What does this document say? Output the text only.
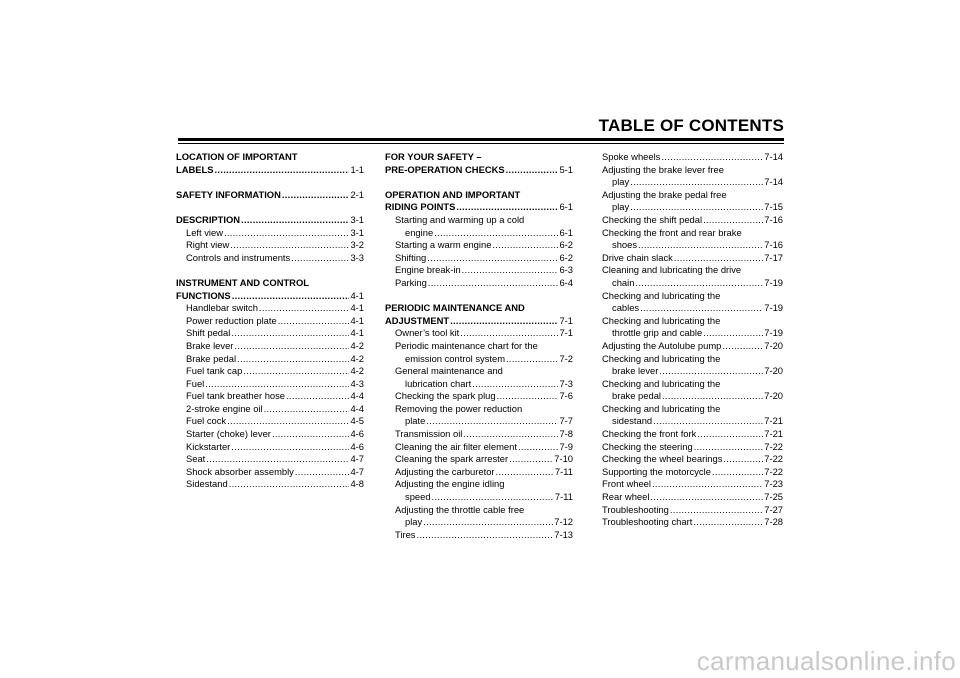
TABLE OF CONTENTS
LOCATION OF IMPORTANT
LABELS .....	1-1
SAFETY INFORMATION .....	2-1
DESCRIPTION .....	3-1
Left view .....	3-1
Right view .....	3-2
Controls and instruments .....	3-3
INSTRUMENT AND CONTROL
FUNCTIONS .....	4-1
Handlebar switch .....	4-1
Power reduction plate .....	4-1
Shift pedal .....	4-1
Brake lever .....	4-2
Brake pedal .....	4-2
Fuel tank cap .....	4-2
Fuel .....	4-3
Fuel tank breather hose .....	4-4
2-stroke engine oil .....	4-4
Fuel cock .....	4-5
Starter (choke) lever .....	4-6
Kickstarter .....	4-6
Seat .....	4-7
Shock absorber assembly .....	4-7
Sidestand .....	4-8
FOR YOUR SAFETY –
PRE-OPERATION CHECKS .....	5-1
OPERATION AND IMPORTANT
RIDING POINTS .....	6-1
Starting and warming up a cold
engine .....	6-1
Starting a warm engine .....	6-2
Shifting .....	6-2
Engine break-in .....	6-3
Parking .....	6-4
PERIODIC MAINTENANCE AND
ADJUSTMENT .....	7-1
Owner’s tool kit .....	7-1
Periodic maintenance chart for the
emission control system .....	7-2
General maintenance and
lubrication chart .....	7-3
Checking the spark plug .....	7-6
Removing the power reduction
plate .....	7-7
Transmission oil .....	7-8
Cleaning the air filter element .....	7-9
Cleaning the spark arrester .....	7-10
Adjusting the carburetor .....	7-11
Adjusting the engine idling
speed .....	7-11
Adjusting the throttle cable free
play .....	7-12
Tires .....	7-13
Spoke wheels .....	7-14
Adjusting the brake lever free
play .....	7-14
Adjusting the brake pedal free
play .....	7-15
Checking the shift pedal .....	7-16
Checking the front and rear brake
shoes .....	7-16
Drive chain slack .....	7-17
Cleaning and lubricating the drive
chain .....	7-19
Checking and lubricating the
cables .....	7-19
Checking and lubricating the
throttle grip and cable .....	7-19
Adjusting the Autolube pump .....	7-20
Checking and lubricating the
brake lever .....	7-20
Checking and lubricating the
brake pedal .....	7-20
Checking and lubricating the
sidestand .....	7-21
Checking the front fork .....	7-21
Checking the steering .....	7-22
Checking the wheel bearings .....	7-22
Supporting the motorcycle .....	7-22
Front wheel .....	7-23
Rear wheel .....	7-25
Troubleshooting .....	7-27
Troubleshooting chart .....	7-28
carmanualsonline.info
